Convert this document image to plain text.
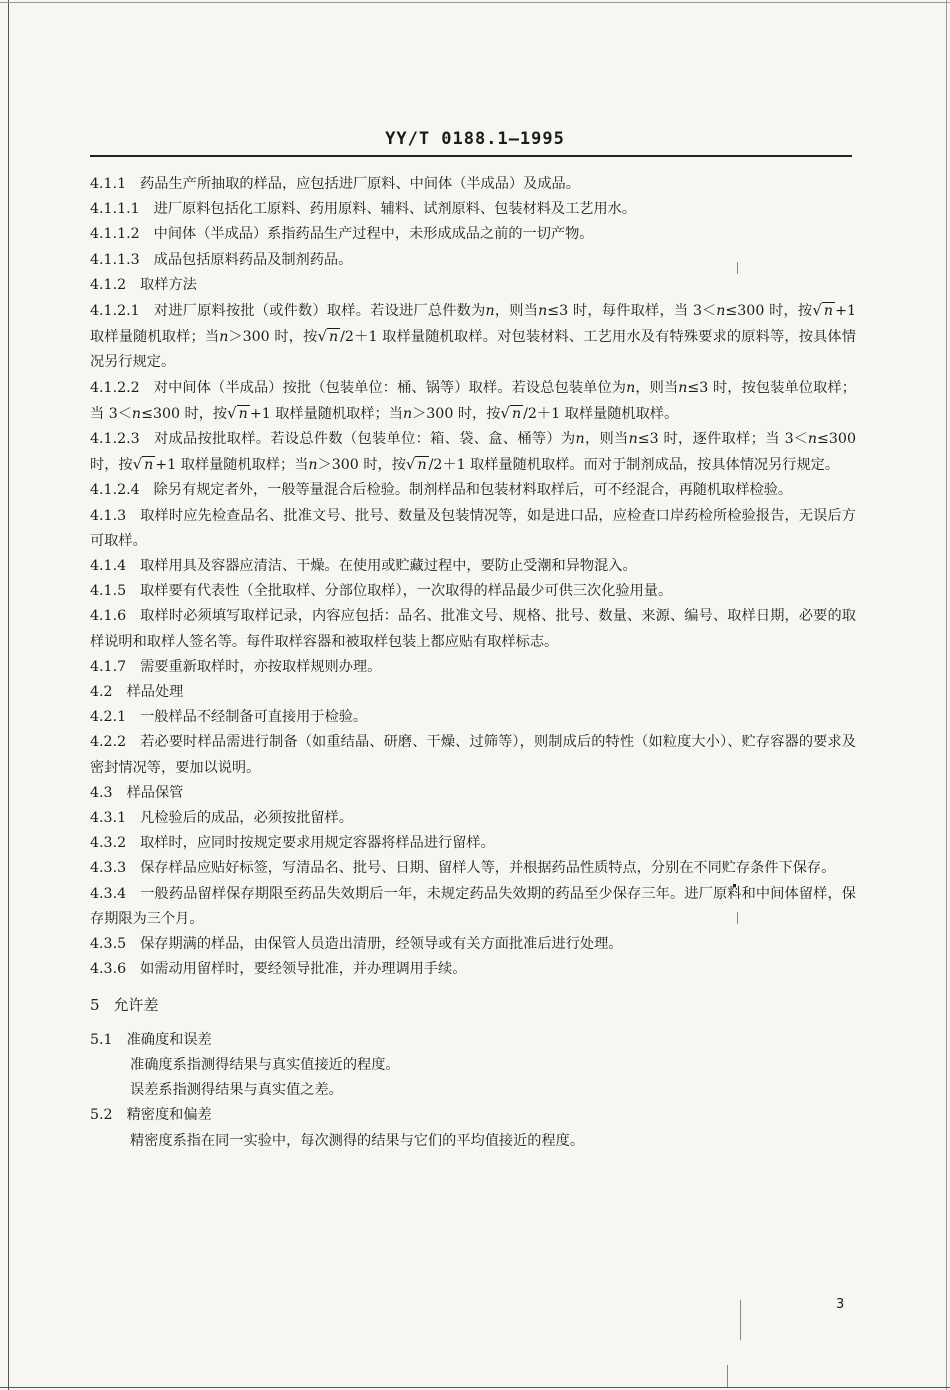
YY/T 0188.1—1995

4.1.1 药品生产所抽取的样品，应包括进厂原料、中间体（半成品）及成品。

4.1.1.1 进厂原料包括化工原料、药用原料、辅料、试剂原料、包装材料及工艺用水。

4.1.1.2 中间体（半成品）系指药品生产过程中，未形成成品之前的一切产物。

4.1.1.3 成品包括原料药品及制剂药品。

4.1.2 取样方法

4.1.2.1 对进厂原料按批（或件数）取样。若设进厂总件数为n，则当n≤3 时，每件取样，当 3＜n≤300 时，按√ n +1 取样量随机取样；当n＞300 时，按√ n /2＋1 取样量随机取样。对包装材料、工艺用水及有特殊要求的原料等，按具体情况另行规定。

4.1.2.2 对中间体（半成品）按批（包装单位：桶、锅等）取样。若设总包装单位为n，则当n≤3 时，按包装单位取样；当 3＜n≤300 时，按√ n +1 取样量随机取样；当n＞300 时，按√ n /2＋1 取样量随机取样。

4.1.2.3 对成品按批取样。若设总件数（包装单位：箱、袋、盒、桶等）为n，则当n≤3 时，逐件取样；当 3＜n≤300 时，按√ n +1 取样量随机取样；当n＞300 时，按√ n /2＋1 取样量随机取样。而对于制剂成品，按具体情况另行规定。

4.1.2.4 除另有规定者外，一般等量混合后检验。制剂样品和包装材料取样后，可不经混合，再随机取样检验。

4.1.3 取样时应先检查品名、批准文号、批号、数量及包装情况等，如是进口品，应检查口岸药检所检验报告，无误后方可取样。

4.1.4 取样用具及容器应清洁、干燥。在使用或贮藏过程中，要防止受潮和异物混入。

4.1.5 取样要有代表性（全批取样、分部位取样），一次取得的样品最少可供三次化验用量。

4.1.6 取样时必须填写取样记录，内容应包括：品名、批准文号、规格、批号、数量、来源、编号、取样日期，必要的取样说明和取样人签名等。每件取样容器和被取样包装上都应贴有取样标志。

4.1.7 需要重新取样时，亦按取样规则办理。

4.2 样品处理

4.2.1 一般样品不经制备可直接用于检验。

4.2.2 若必要时样品需进行制备（如重结晶、研磨、干燥、过筛等），则制成后的特性（如粒度大小）、贮存容器的要求及密封情况等，要加以说明。

4.3 样品保管

4.3.1 凡检验后的成品，必须按批留样。

4.3.2 取样时，应同时按规定要求用规定容器将样品进行留样。

4.3.3 保存样品应贴好标签，写清品名、批号、日期、留样人等，并根据药品性质特点，分别在不同贮存条件下保存。

4.3.4 一般药品留样保存期限至药品失效期后一年，未规定药品失效期的药品至少保存三年。进厂原料和中间体留样，保存期限为三个月。

4.3.5 保存期满的样品，由保管人员造出清册，经领导或有关方面批准后进行处理。

4.3.6 如需动用留样时，要经领导批准，并办理调用手续。

5 允许差

5.1 准确度和误差

准确度系指测得结果与真实值接近的程度。

误差系指测得结果与真实值之差。

5.2 精密度和偏差

精密度系指在同一实验中，每次测得的结果与它们的平均值接近的程度。

3
